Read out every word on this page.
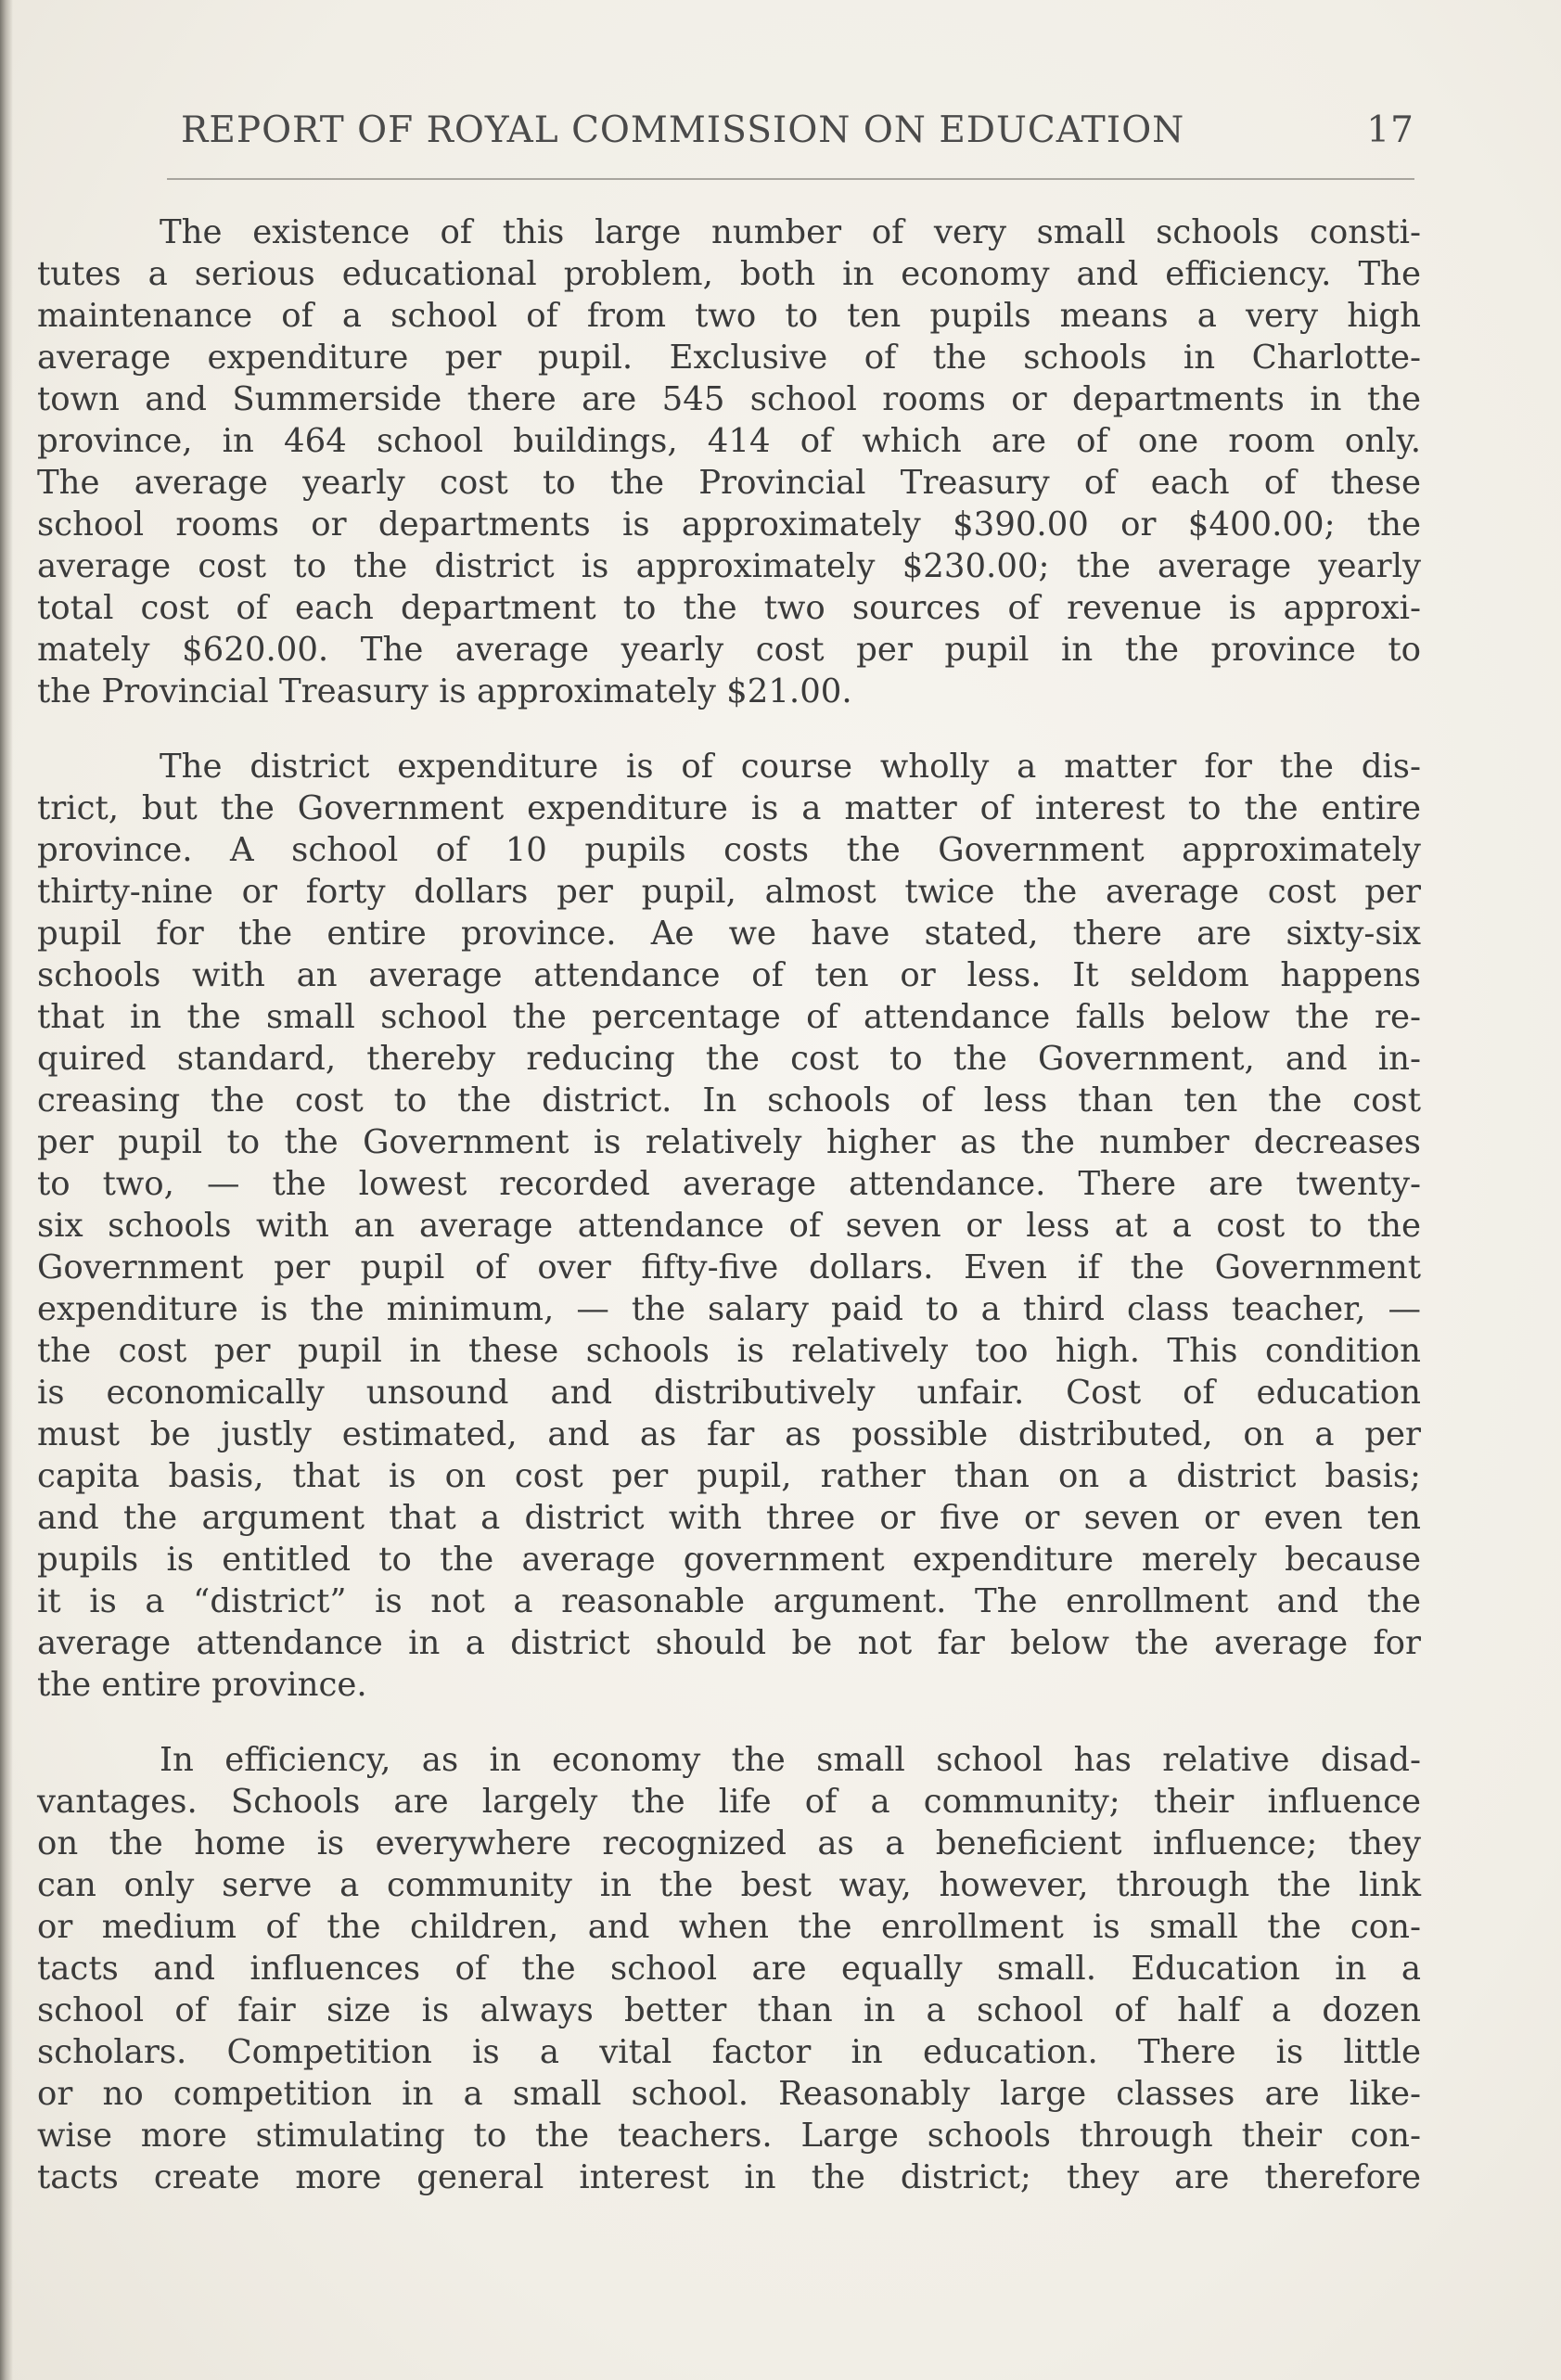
REPORT OF ROYAL COMMISSION ON EDUCATION	17
The existence of this large number of very small schools consti-
tutes a serious educational problem, both in economy and efficiency. The
maintenance of a school of from two to ten pupils means a very high
average expenditure per pupil. Exclusive of the schools in Charlotte-
town and Summerside there are 545 school rooms or departments in the
province, in 464 school buildings, 414 of which are of one room only.
The average yearly cost to the Provincial Treasury of each of these
school rooms or departments is approximately $390.00 or $400.00; the
average cost to the district is approximately $230.00; the average yearly
total cost of each department to the two sources of revenue is approxi-
mately $620.00. The average yearly cost per pupil in the province to
the Provincial Treasury is approximately $21.00.
The district expenditure is of course wholly a matter for the dis-
trict, but the Government expenditure is a matter of interest to the entire
province. A school of 10 pupils costs the Government approximately
thirty-nine or forty dollars per pupil, almost twice the average cost per
pupil for the entire province. Ae we have stated, there are sixty-six
schools with an average attendance of ten or less. It seldom happens
that in the small school the percentage of attendance falls below the re-
quired standard, thereby reducing the cost to the Government, and in-
creasing the cost to the district. In schools of less than ten the cost
per pupil to the Government is relatively higher as the number decreases
to two, — the lowest recorded average attendance. There are twenty-
six schools with an average attendance of seven or less at a cost to the
Government per pupil of over fifty-five dollars. Even if the Government
expenditure is the minimum, — the salary paid to a third class teacher, —
the cost per pupil in these schools is relatively too high. This condition
is economically unsound and distributively unfair. Cost of education
must be justly estimated, and as far as possible distributed, on a per
capita basis, that is on cost per pupil, rather than on a district basis;
and the argument that a district with three or five or seven or even ten
pupils is entitled to the average government expenditure merely because
it is a “district” is not a reasonable argument. The enrollment and the
average attendance in a district should be not far below the average for
the entire province.
In efficiency, as in economy the small school has relative disad-
vantages. Schools are largely the life of a community; their influence
on the home is everywhere recognized as a beneficient influence; they
can only serve a community in the best way, however, through the link
or medium of the children, and when the enrollment is small the con-
tacts and influences of the school are equally small. Education in a
school of fair size is always better than in a school of half a dozen
scholars. Competition is a vital factor in education. There is little
or no competition in a small school. Reasonably large classes are like-
wise more stimulating to the teachers. Large schools through their con-
tacts create more general interest in the district; they are therefore
